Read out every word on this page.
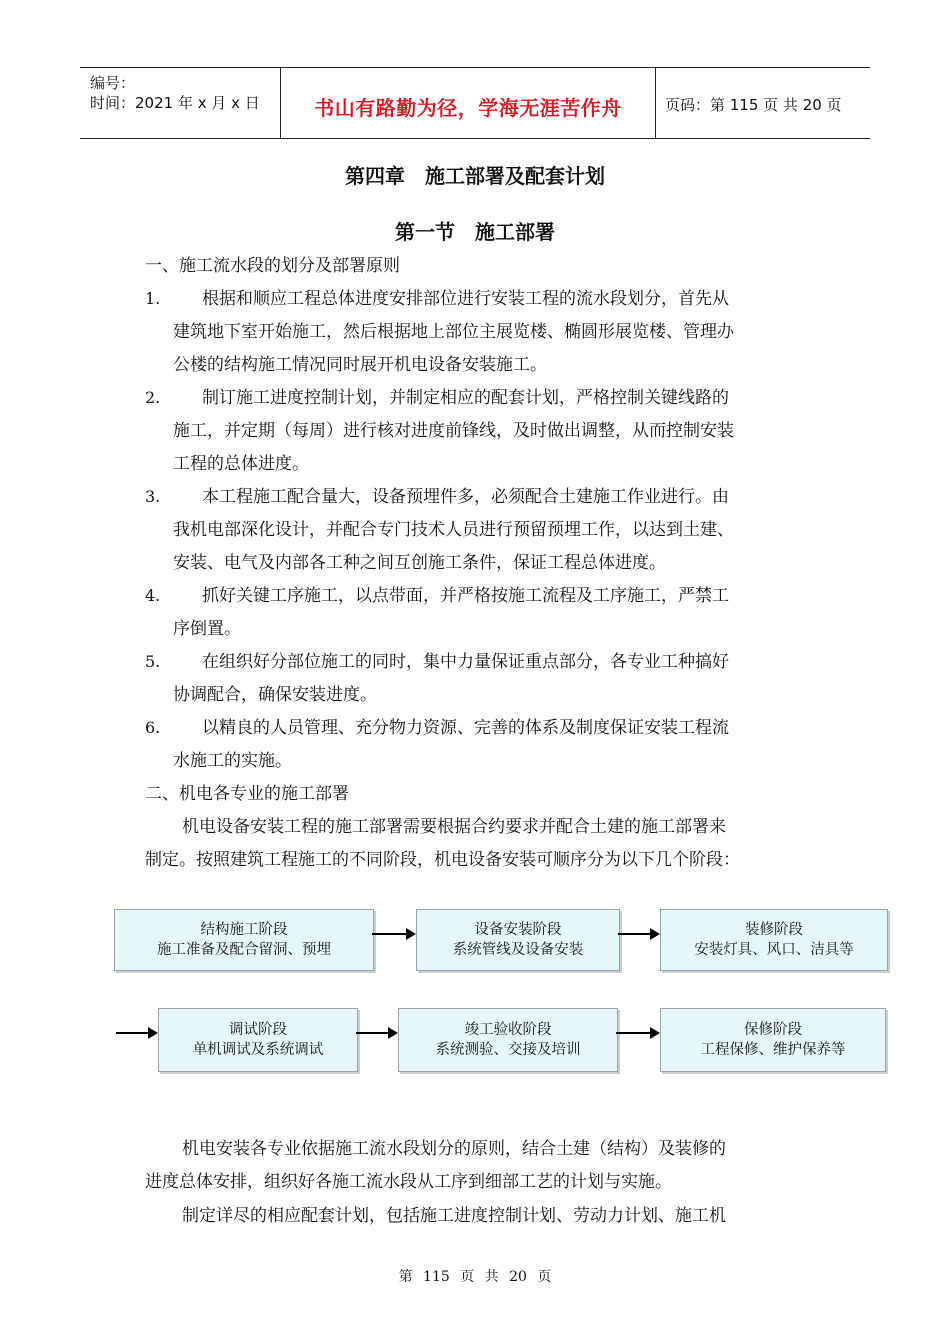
编号：
时间：2021 年 x 月 x 日	书山有路勤为径，学海无涯苦作舟	页码：第 115 页 共 20 页
第四章　施工部署及配套计划
第一节　施工部署
一、施工流水段的划分及部署原则
1. 根据和顺应工程总体进度安排部位进行安装工程的流水段划分，首先从
建筑地下室开始施工，然后根据地上部位主展览楼、椭圆形展览楼、管理办
公楼的结构施工情况同时展开机电设备安装施工。
2. 制订施工进度控制计划，并制定相应的配套计划，严格控制关键线路的
施工，并定期（每周）进行核对进度前锋线，及时做出调整，从而控制安装
工程的总体进度。
3. 本工程施工配合量大，设备预埋件多，必须配合土建施工作业进行。由
我机电部深化设计，并配合专门技术人员进行预留预埋工作，以达到土建、
安装、电气及内部各工种之间互创施工条件，保证工程总体进度。
4. 抓好关键工序施工，以点带面，并严格按施工流程及工序施工，严禁工
序倒置。
5. 在组织好分部位施工的同时，集中力量保证重点部分，各专业工种搞好
协调配合，确保安装进度。
6. 以精良的人员管理、充分物力资源、完善的体系及制度保证安装工程流
水施工的实施。
二、机电各专业的施工部署
机电设备安装工程的施工部署需要根据合约要求并配合土建的施工部署来
制定。按照建筑工程施工的不同阶段，机电设备安装可顺序分为以下几个阶段：
结构施工阶段
施工准备及配合留洞、预埋
设备安装阶段
系统管线及设备安装
装修阶段
安装灯具、风口、洁具等
调试阶段
单机调试及系统调试
竣工验收阶段
系统测验、交接及培训
保修阶段
工程保修、维护保养等
机电安装各专业依据施工流水段划分的原则，结合土建（结构）及装修的
进度总体安排，组织好各施工流水段从工序到细部工艺的计划与实施。
制定详尽的相应配套计划，包括施工进度控制计划、劳动力计划、施工机
第 115 页 共 20 页
